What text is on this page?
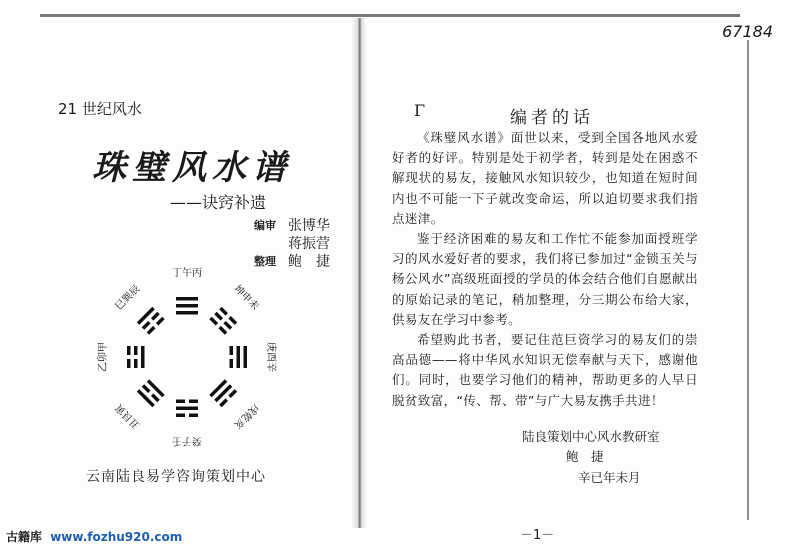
67184
21 世纪风水
珠璧风水谱
——诀窍补遗
编审 张博华
蒋振营
整理 鲍　捷
丁午丙
坤申未
庚酉辛
戌乾亥
癸子壬
丑艮寅
乙卯甲
巳巽辰
云南陆良易学咨询策划中心
Γ	编者的话

《珠璧风水谱》面世以来，受到全国各地风水爱好者的好评。特别是处于初学者，转到是处在困惑不解现状的易友，接触风水知识较少，也知道在短时间内也不可能一下子就改变命运，所以迫切要求我们指点迷津。

鉴于经济困难的易友和工作忙不能参加面授班学习的风水爱好者的要求，我们将已参加过“金锁玉关与杨公风水”高级班面授的学员的体会结合他们自愿献出的原始记录的笔记，稍加整理，分三期公布给大家，供易友在学习中参考。

希望购此书者，要记住范巨资学习的易友们的崇高品德——将中华风水知识无偿奉献与天下，感谢他们。同时，也要学习他们的精神，帮助更多的人早日脱贫致富，“传、帮、带”与广大易友携手共进！

陆良策划中心风水教研室
鲍　捷
辛已年未月
－1－
古籍库 www.fozhu920.com
